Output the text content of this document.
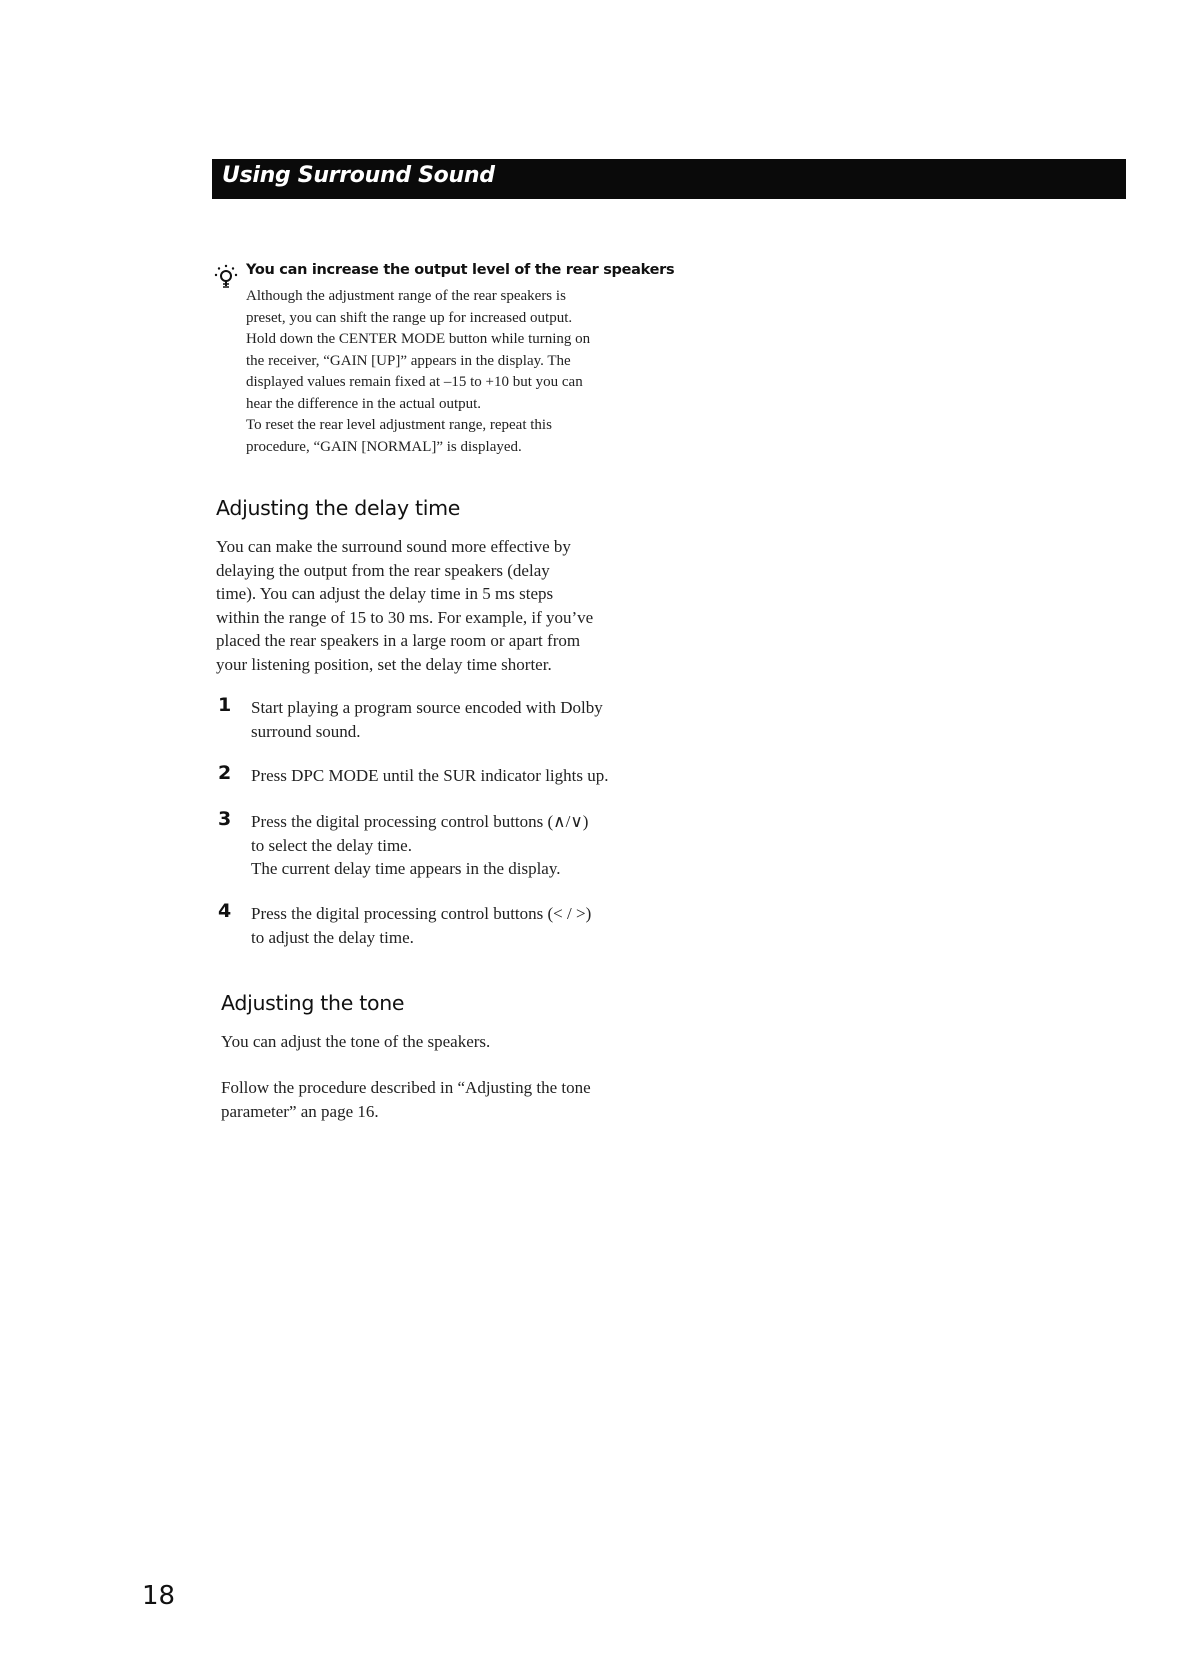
Using Surround Sound
You can increase the output level of the rear speakers

Although the adjustment range of the rear speakers is

preset, you can shift the range up for increased output.

Hold down the CENTER MODE button while turning on

the receiver, “GAIN [UP]” appears in the display. The

displayed values remain fixed at –15 to +10 but you can

hear the difference in the actual output.

To reset the rear level adjustment range, repeat this

procedure, “GAIN [NORMAL]” is displayed.

Adjusting the delay time

You can make the surround sound more effective by

delaying the output from the rear speakers (delay

time). You can adjust the delay time in 5 ms steps

within the range of 15 to 30 ms. For example, if you’ve

placed the rear speakers in a large room or apart from

your listening position, set the delay time shorter.

1 Start playing a program source encoded with Dolby

surround sound.

2 Press DPC MODE until the SUR indicator lights up.

3 Press the digital processing control buttons (∧/∨)

to select the delay time.

The current delay time appears in the display.

4 Press the digital processing control buttons (< / >)

to adjust the delay time.

Adjusting the tone

You can adjust the tone of the speakers.

Follow the procedure described in “Adjusting the tone

parameter” an page 16.

18
